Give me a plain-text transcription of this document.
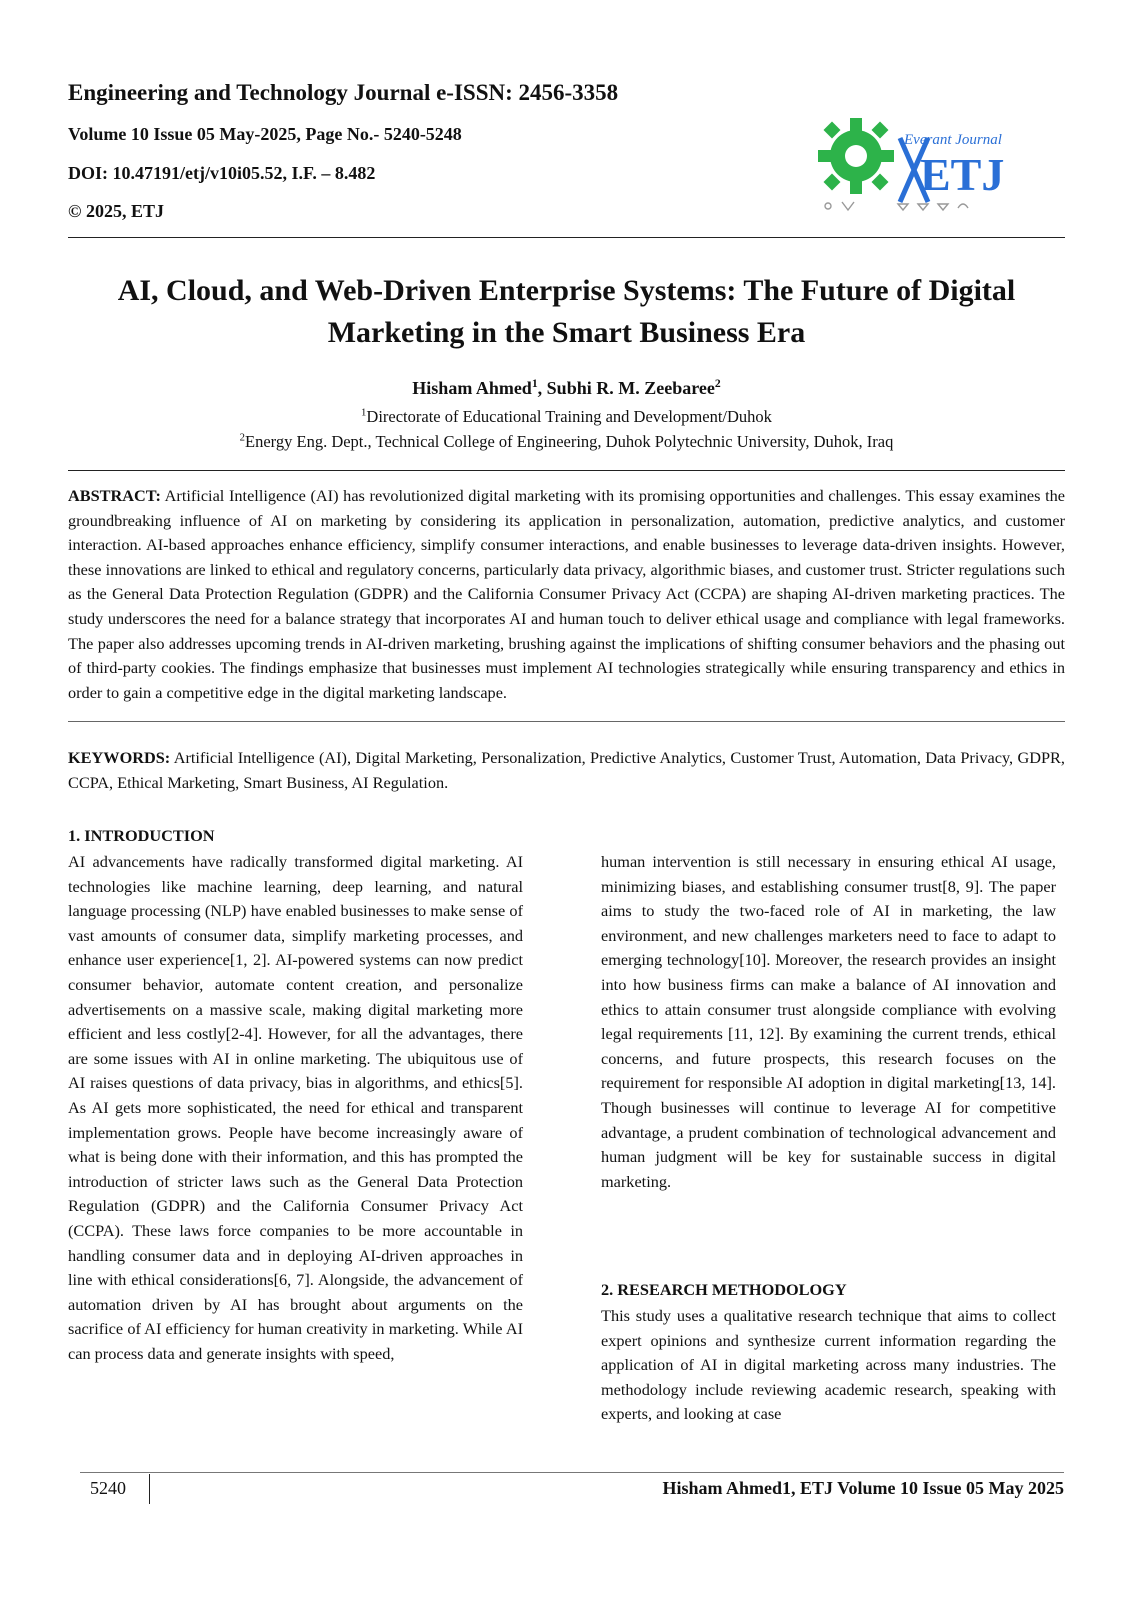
Engineering and Technology Journal e-ISSN: 2456-3358
Volume 10 Issue 05 May-2025, Page No.- 5240-5248
DOI: 10.47191/etj/v10i05.52, I.F. – 8.482
© 2025, ETJ
Everant Journal
ETJ
AI, Cloud, and Web-Driven Enterprise Systems: The Future of Digital
Marketing in the Smart Business Era
Hisham Ahmed$^1$, Subhi R. M. Zeebaree$^2$
$^1$Directorate of Educational Training and Development/Duhok
$^2$Energy Eng. Dept., Technical College of Engineering, Duhok Polytechnic University, Duhok, Iraq
ABSTRACT: Artificial Intelligence (AI) has revolutionized digital marketing with its promising opportunities and challenges. This essay examines the groundbreaking influence of AI on marketing by considering its application in personalization, automation, predictive analytics, and customer interaction. AI-based approaches enhance efficiency, simplify consumer interactions, and enable businesses to leverage data-driven insights. However, these innovations are linked to ethical and regulatory concerns, particularly data privacy, algorithmic biases, and customer trust. Stricter regulations such as the General Data Protection Regulation (GDPR) and the California Consumer Privacy Act (CCPA) are shaping AI-driven marketing practices. The study underscores the need for a balance strategy that incorporates AI and human touch to deliver ethical usage and compliance with legal frameworks. The paper also addresses upcoming trends in AI-driven marketing, brushing against the implications of shifting consumer behaviors and the phasing out of third-party cookies. The findings emphasize that businesses must implement AI technologies strategically while ensuring transparency and ethics in order to gain a competitive edge in the digital marketing landscape.
KEYWORDS: Artificial Intelligence (AI), Digital Marketing, Personalization, Predictive Analytics, Customer Trust, Automation, Data Privacy, GDPR, CCPA, Ethical Marketing, Smart Business, AI Regulation.
1. INTRODUCTION
AI advancements have radically transformed digital marketing. AI technologies like machine learning, deep learning, and natural language processing (NLP) have enabled businesses to make sense of vast amounts of consumer data, simplify marketing processes, and enhance user experience[1, 2]. AI-powered systems can now predict consumer behavior, automate content creation, and personalize advertisements on a massive scale, making digital marketing more efficient and less costly[2-4]. However, for all the advantages, there are some issues with AI in online marketing. The ubiquitous use of AI raises questions of data privacy, bias in algorithms, and ethics[5]. As AI gets more sophisticated, the need for ethical and transparent implementation grows. People have become increasingly aware of what is being done with their information, and this has prompted the introduction of stricter laws such as the General Data Protection Regulation (GDPR) and the California Consumer Privacy Act (CCPA). These laws force companies to be more accountable in handling consumer data and in deploying AI-driven approaches in line with ethical considerations[6, 7]. Alongside, the advancement of automation driven by AI has brought about arguments on the sacrifice of AI efficiency for human creativity in marketing. While AI can process data and generate insights with speed,
human intervention is still necessary in ensuring ethical AI usage, minimizing biases, and establishing consumer trust[8, 9]. The paper aims to study the two-faced role of AI in marketing, the law environment, and new challenges marketers need to face to adapt to emerging technology[10]. Moreover, the research provides an insight into how business firms can make a balance of AI innovation and ethics to attain consumer trust alongside compliance with evolving legal requirements [11, 12]. By examining the current trends, ethical concerns, and future prospects, this research focuses on the requirement for responsible AI adoption in digital marketing[13, 14]. Though businesses will continue to leverage AI for competitive advantage, a prudent combination of technological advancement and human judgment will be key for sustainable success in digital marketing.
2. RESEARCH METHODOLOGY
This study uses a qualitative research technique that aims to collect expert opinions and synthesize current information regarding the application of AI in digital marketing across many industries. The methodology include reviewing academic research, speaking with experts, and looking at case
5240	Hisham Ahmed1, ETJ Volume 10 Issue 05 May 2025
